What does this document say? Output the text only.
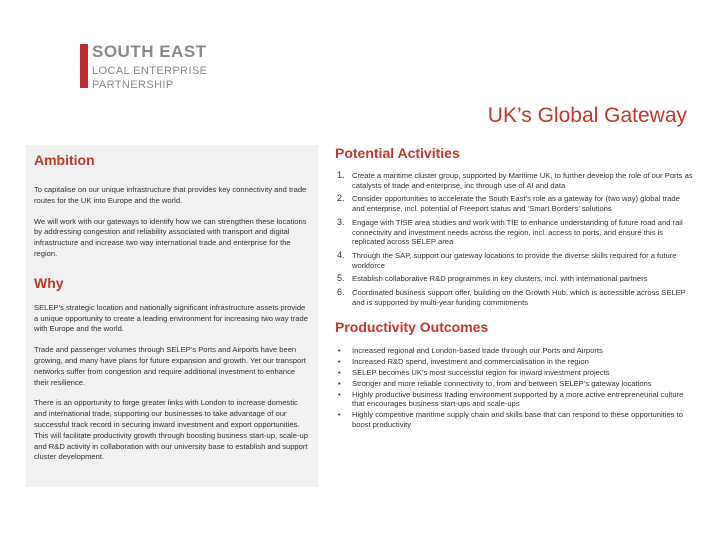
SOUTH EAST
LOCAL ENTERPRISE
PARTNERSHIP
UK’s Global Gateway
Ambition

To capitalise on our unique infrastructure that provides key connectivity and trade routes for the UK into Europe and the world.

We will work with our gateways to identify how we can strengthen these locations by addressing congestion and reliability associated with transport and digital infrastructure and increase two way international trade and enterprise for the region.

Why

SELEP’s strategic location and nationally significant infrastructure assets provide a unique opportunity to create a leading environment for increasing two way trade with Europe and the world.

Trade and passenger volumes through SELEP’s Ports and Airports have been growing, and many have plans for future expansion and growth. Yet our transport networks suffer from congestion and require additional investment to enhance their resilience.

There is an opportunity to forge greater links with London to increase domestic and international trade, supporting our businesses to take advantage of our successful track record in securing inward investment and export opportunities. This will facilitate productivity growth through boosting business start-up, scale-up and R&D activity in collaboration with our university base to establish and support cluster development.

Potential Activities
1. Create a maritime cluster group, supported by Maritime UK, to further develop the role of our Ports as catalysts of trade and enterprise, inc through use of AI and data
2. Consider opportunities to accelerate the South East’s role as a gateway for (two way) global trade and enterprise, incl. potential of Freeport status and ‘Smart Borders’ solutions
3. Engage with TfSE area studies and work with TfE to enhance understanding of future road and rail connectivity and investment needs across the region, incl. access to ports, and ensure this is replicated across SELEP area
4. Through the SAP, support our gateway locations to provide the diverse skills required for a future workforce
5. Establish collaborative R&D programmes in key clusters, incl. with international partners
6. Coordinated business support offer, building on the Growth Hub, which is accessible across SELEP and is supported by multi-year funding commitments
Productivity Outcomes
•	Increased regional and London-based trade through our Ports and Airports
•	Increased R&D spend, investment and commercialisation in the region
•	SELEP becomes UK’s most successful region for inward investment projects
•	Stronger and more reliable connectivity to, from and between SELEP’s gateway locations
•	Highly productive business trading environment supported by a more active entrepreneurial culture that encourages business start-ups and scale-ups
•	Highly competitive maritime supply chain and skills base that can respond to these opportunities to boost productivity
